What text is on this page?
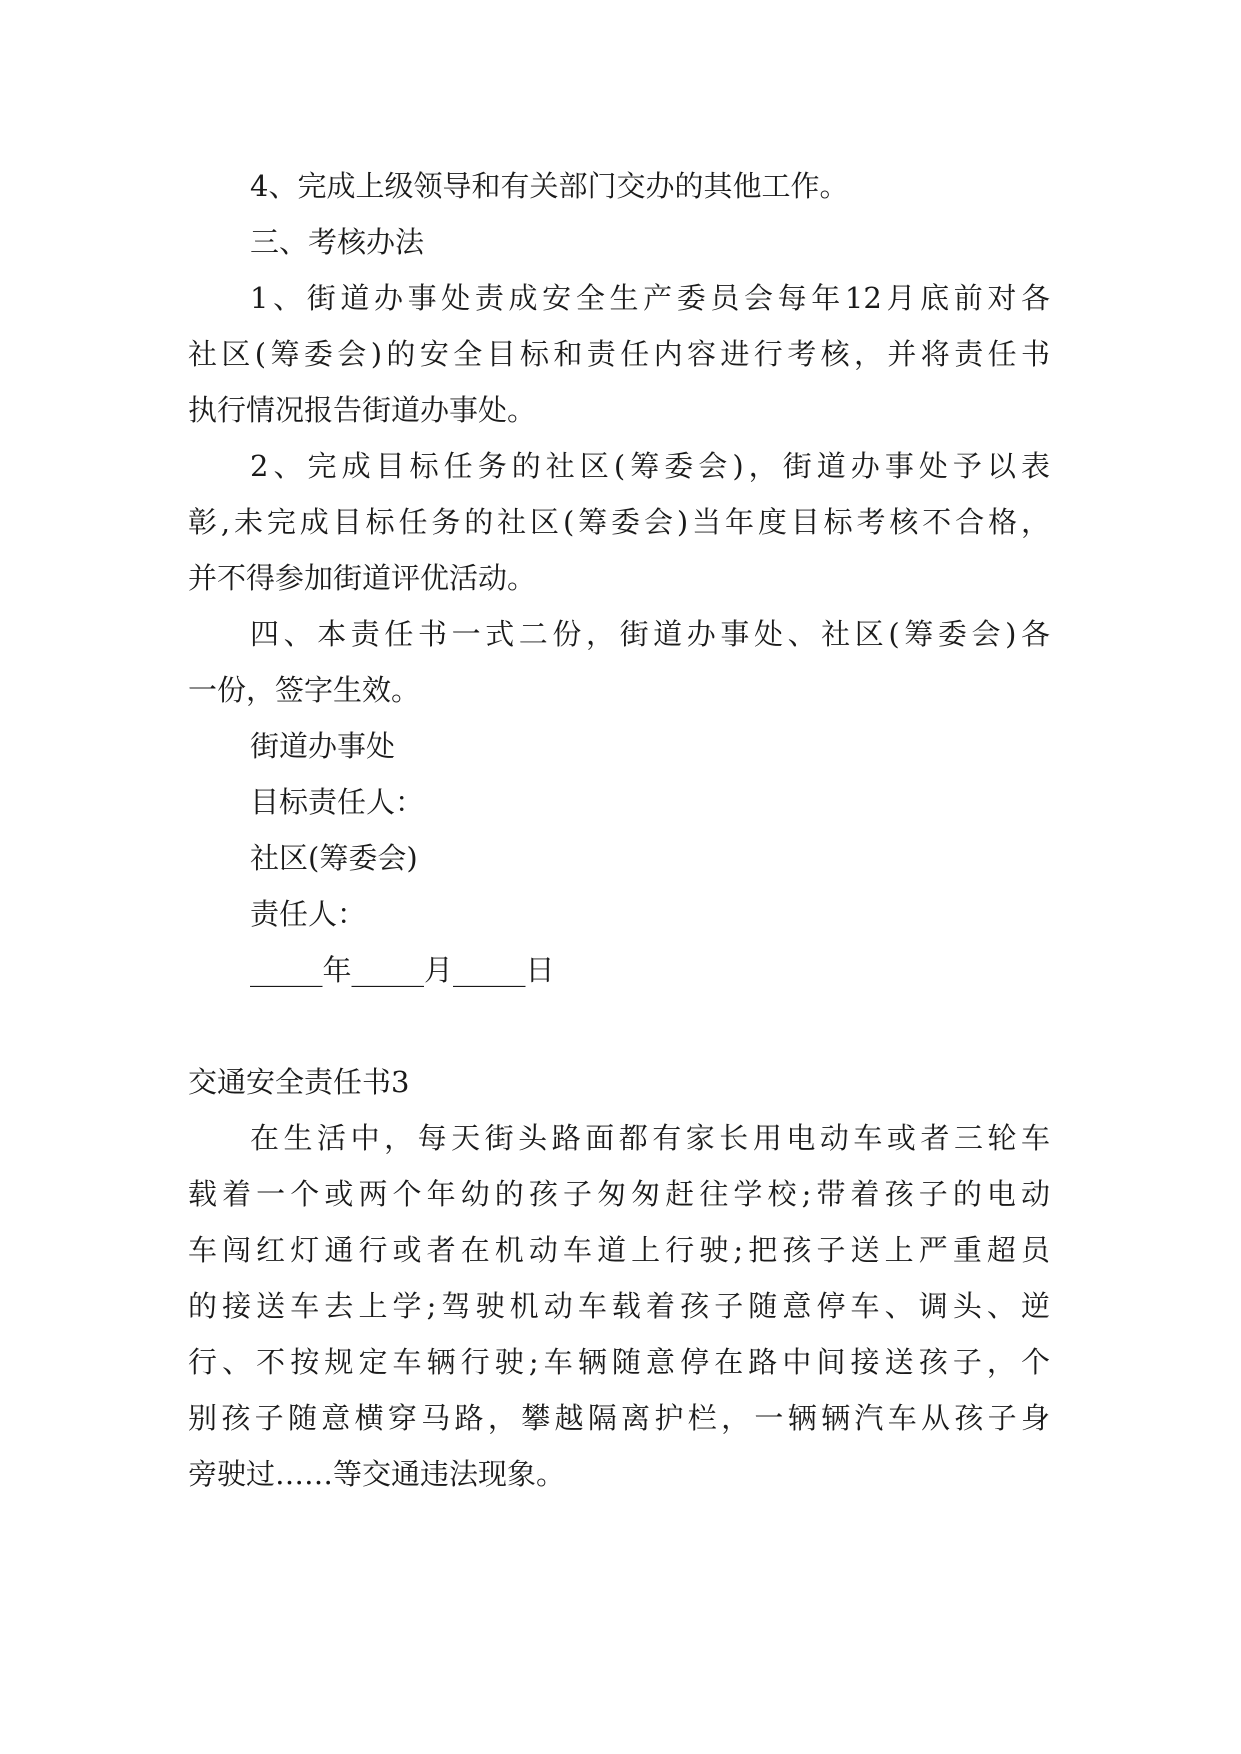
4、完成上级领导和有关部门交办的其他工作。

三、考核办法

1、街道办事处责成安全生产委员会每年12月底前对各

社区(筹委会)的安全目标和责任内容进行考核，并将责任书

执行情况报告街道办事处。

2、完成目标任务的社区(筹委会)，街道办事处予以表

彰,未完成目标任务的社区(筹委会)当年度目标考核不合格，

并不得参加街道评优活动。

四、本责任书一式二份，街道办事处、社区(筹委会)各

一份，签字生效。

街道办事处

目标责任人：

社区(筹委会)

责任人：

_____年_____月_____日

交通安全责任书3

在生活中，每天街头路面都有家长用电动车或者三轮车

载着一个或两个年幼的孩子匆匆赶往学校;带着孩子的电动

车闯红灯通行或者在机动车道上行驶;把孩子送上严重超员

的接送车去上学;驾驶机动车载着孩子随意停车、调头、逆

行、不按规定车辆行驶;车辆随意停在路中间接送孩子，个

别孩子随意横穿马路，攀越隔离护栏，一辆辆汽车从孩子身

旁驶过……等交通违法现象。
